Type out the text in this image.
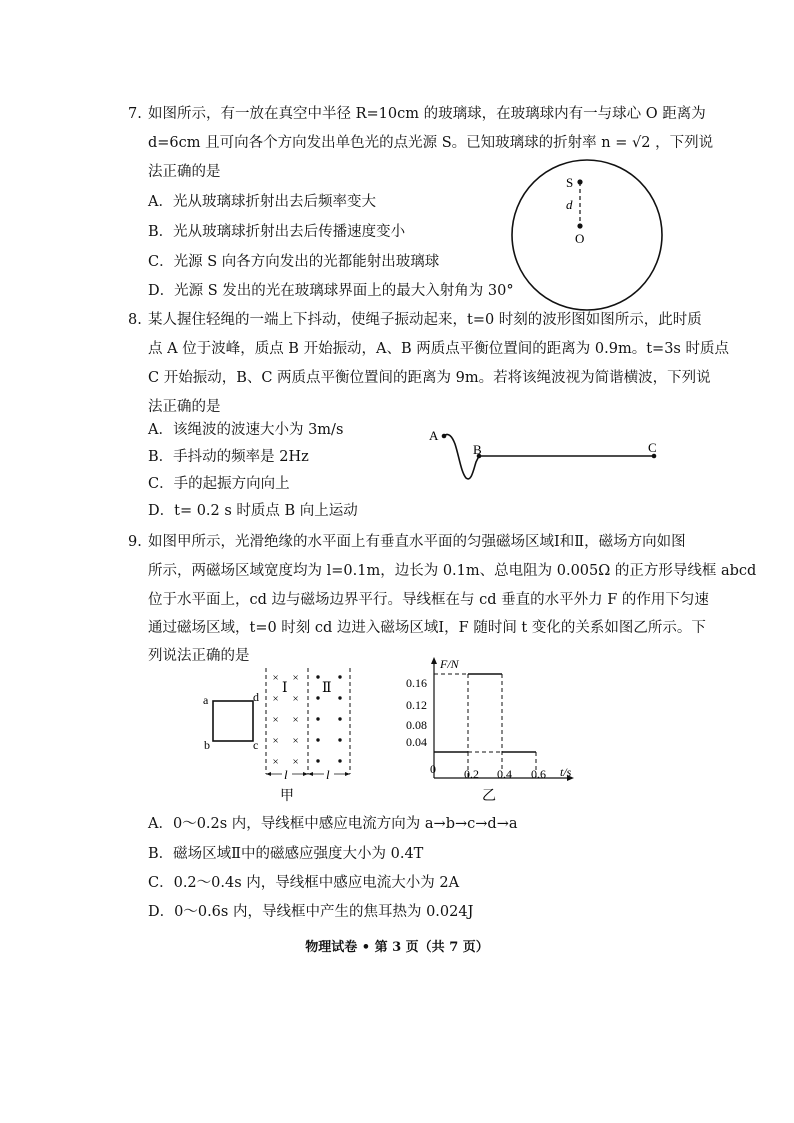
7. 如图所示，有一放在真空中半径 R=10cm 的玻璃球，在玻璃球内有一与球心 O 距离为
d=6cm 且可向各个方向发出单色光的点光源 S。已知玻璃球的折射率 n = √2 ，下列说
法正确的是
A．光从玻璃球折射出去后频率变大
B．光从玻璃球折射出去后传播速度变小
C．光源 S 向各方向发出的光都能射出玻璃球
D．光源 S 发出的光在玻璃球界面上的最大入射角为 30°
S
d
O
8. 某人握住轻绳的一端上下抖动，使绳子振动起来，t=0 时刻的波形图如图所示，此时质
点 A 位于波峰，质点 B 开始振动，A、B 两质点平衡位置间的距离为 0.9m。t=3s 时质点
C 开始振动，B、C 两质点平衡位置间的距离为 9m。若将该绳波视为简谐横波，下列说
法正确的是
A．该绳波的波速大小为 3m/s
B．手抖动的频率是 2Hz
C．手的起振方向向上
D．t= 0.2 s 时质点 B 向上运动
A
B	C
9. 如图甲所示，光滑绝缘的水平面上有垂直水平面的匀强磁场区域Ⅰ和Ⅱ，磁场方向如图
所示，两磁场区域宽度均为 l=0.1m，边长为 0.1m、总电阻为 0.005Ω 的正方形导线框 abcd
位于水平面上，cd 边与磁场边界平行。导线框在与 cd 垂直的水平外力 F 的作用下匀速
通过磁场区域，t=0 时刻 cd 边进入磁场区域Ⅰ，F 随时间 t 变化的关系如图乙所示。下
列说法正确的是
a	d
b	c
× ×
× ×
× ×
× ×
× ×
Ⅰ Ⅱ
l	l
甲
F/N
t/s
0
0.16
0.12
0.08
0.04
0.2 0.4 0.6
乙
A．0～0.2s 内，导线框中感应电流方向为 a→b→c→d→a
B．磁场区域Ⅱ中的磁感应强度大小为 0.4T
C．0.2～0.4s 内，导线框中感应电流大小为 2A
D．0～0.6s 内，导线框中产生的焦耳热为 0.024J
物理试卷 • 第 3 页（共 7 页）
